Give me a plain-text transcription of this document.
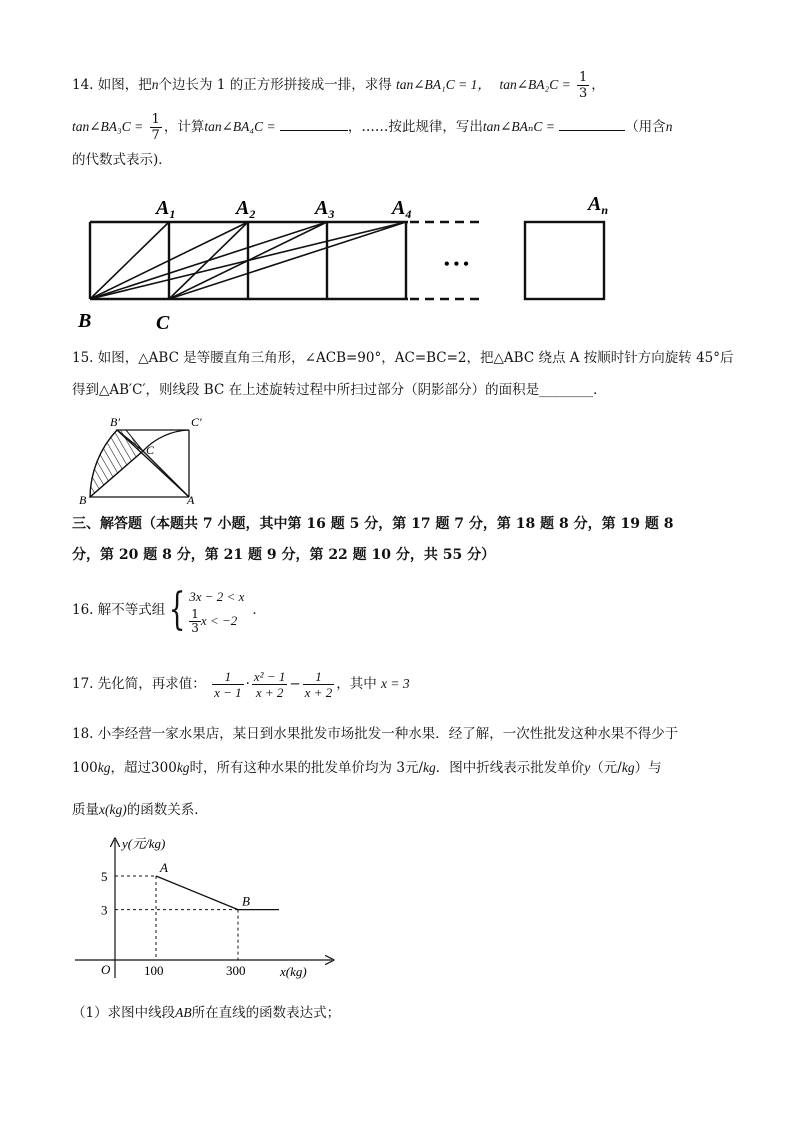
14. 如图，把n个边长为 1 的正方形拼接成一排，求得 tan∠BA₁C = 1， tan∠BA₂C = $\frac{1}{3}$ ，
tan∠BA₃C = $\frac{1}{7}$ ，计算tan∠BA₄C =	，……按此规律，写出tan∠BAₙC =	（用含n
的代数式表示)．
$A_1$	$A_2$	$A_3$	$A_4$	$A_n$
B	C
• • •
15. 如图，△ABC 是等腰直角三角形，∠ACB=90°，AC=BC=2，把△ABC 绕点 A 按顺时针方向旋转 45°后
得到△AB′C′，则线段 BC 在上述旋转过程中所扫过部分（阴影部分）的面积是________．
B′	C′
C
B	A
三、解答题（本题共 7 小题，其中第 16 题 5 分，第 17 题 7 分，第 18 题 8 分，第 19 题 8
分，第 20 题 8 分，第 21 题 9 分，第 22 题 10 分，共 55 分）
16. 解不等式组{ 3x − 2 < x
$\frac{1}{3}$ x < −2
．
17. 先化简，再求值： $\frac{1}{x - 1} \cdot \frac{\text{x² − 1}}{x + 2} - \frac{1}{x + 2}$ ，其中 x = 3
18. 小李经营一家水果店，某日到水果批发市场批发一种水果．经了解，一次性批发这种水果不得少于
100kg，超过300kg时，所有这种水果的批发单价均为 3元/kg．图中折线表示批发单价y（元/kg）与
质量x(kg)的函数关系．
y(元/kg)
x(kg)
O
A
B
3
5
100	300
（1）求图中线段AB所在直线的函数表达式；
